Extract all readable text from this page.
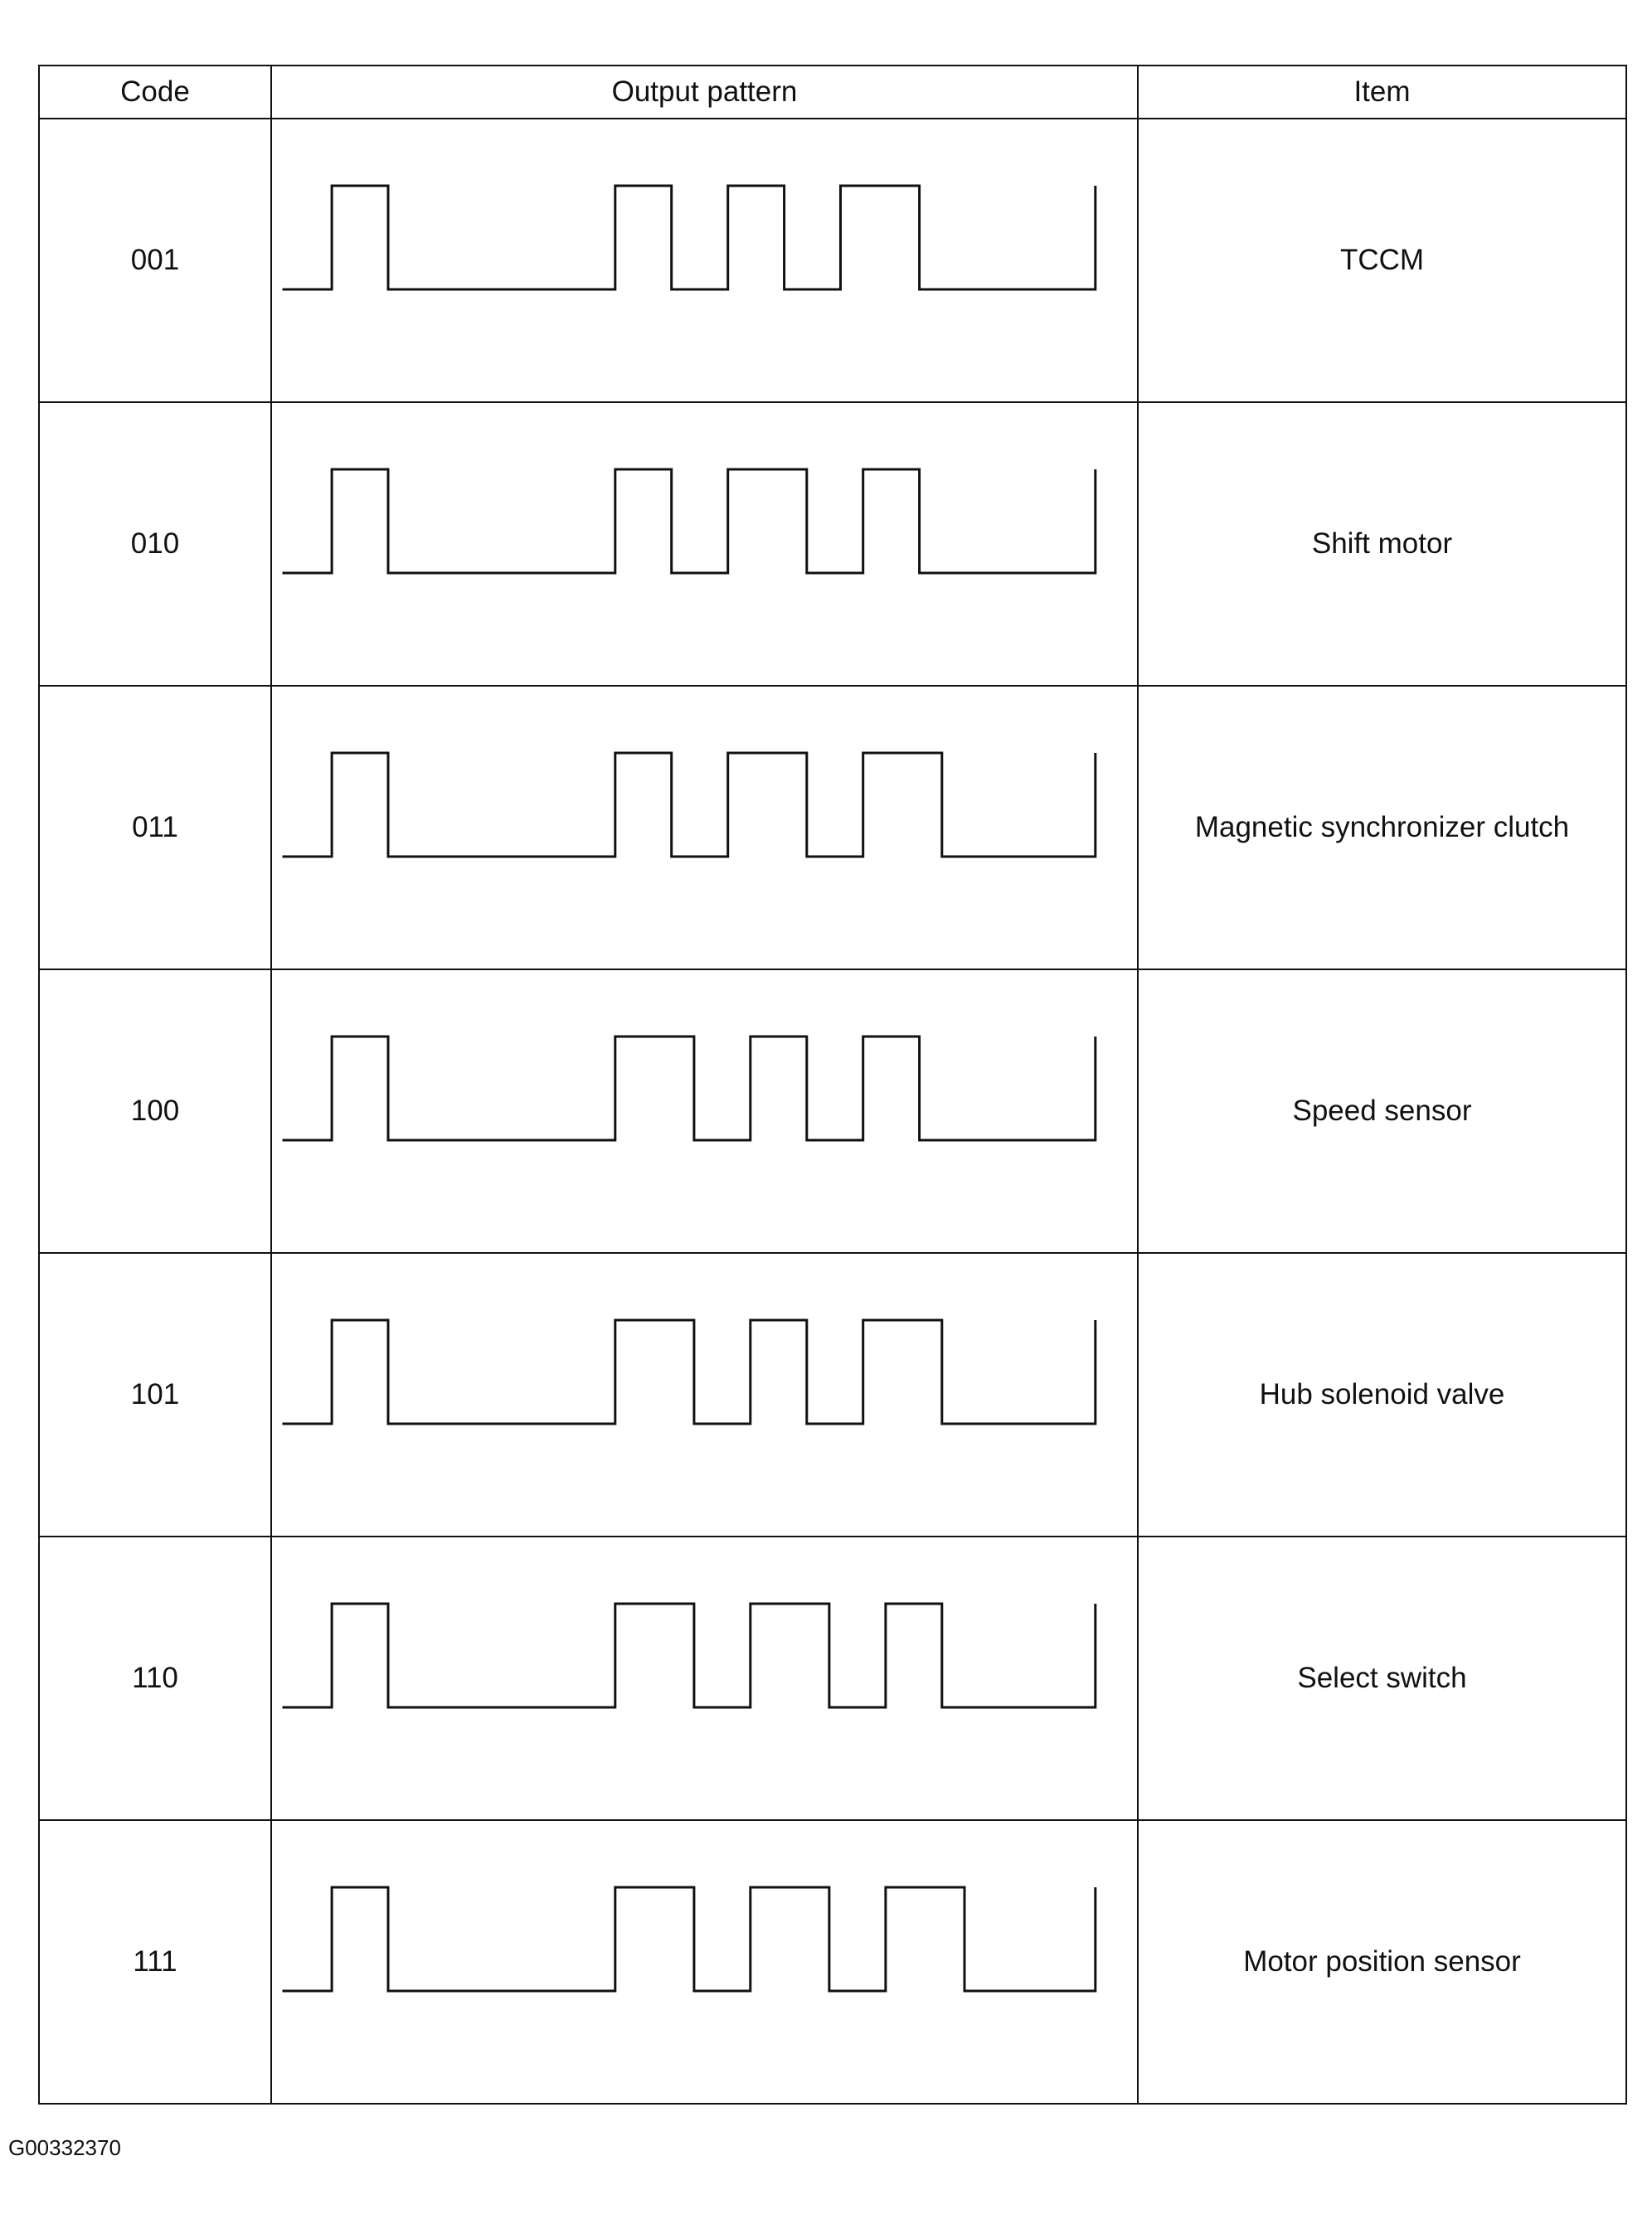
Code	Output pattern	Item
001		TCCM
010		Shift motor
011		Magnetic synchronizer clutch
100		Speed sensor
101		Hub solenoid valve
110		Select switch
111		Motor position sensor
G00332370
